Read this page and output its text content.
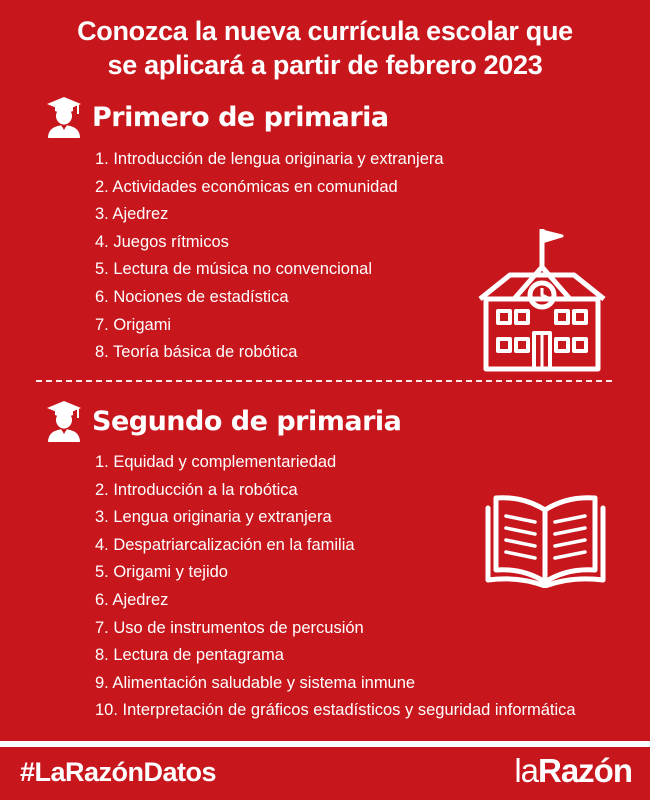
Conozca la nueva currícula escolar que
se aplicará a partir de febrero 2023
Primero de primaria
1. Introducción de lengua originaria y extranjera
2. Actividades económicas en comunidad
3. Ajedrez
4. Juegos rítmicos
5. Lectura de música no convencional
6. Nociones de estadística
7. Origami
8. Teoría básica de robótica
Segundo de primaria
1. Equidad y complementariedad
2. Introducción a la robótica
3. Lengua originaria y extranjera
4. Despatriarcalización en la familia
5. Origami y tejido
6. Ajedrez
7. Uso de instrumentos de percusión
8. Lectura de pentagrama
9. Alimentación saludable y sistema inmune
10. Interpretación de gráficos estadísticos y seguridad informática
#LaRazónDatos	laRazón
